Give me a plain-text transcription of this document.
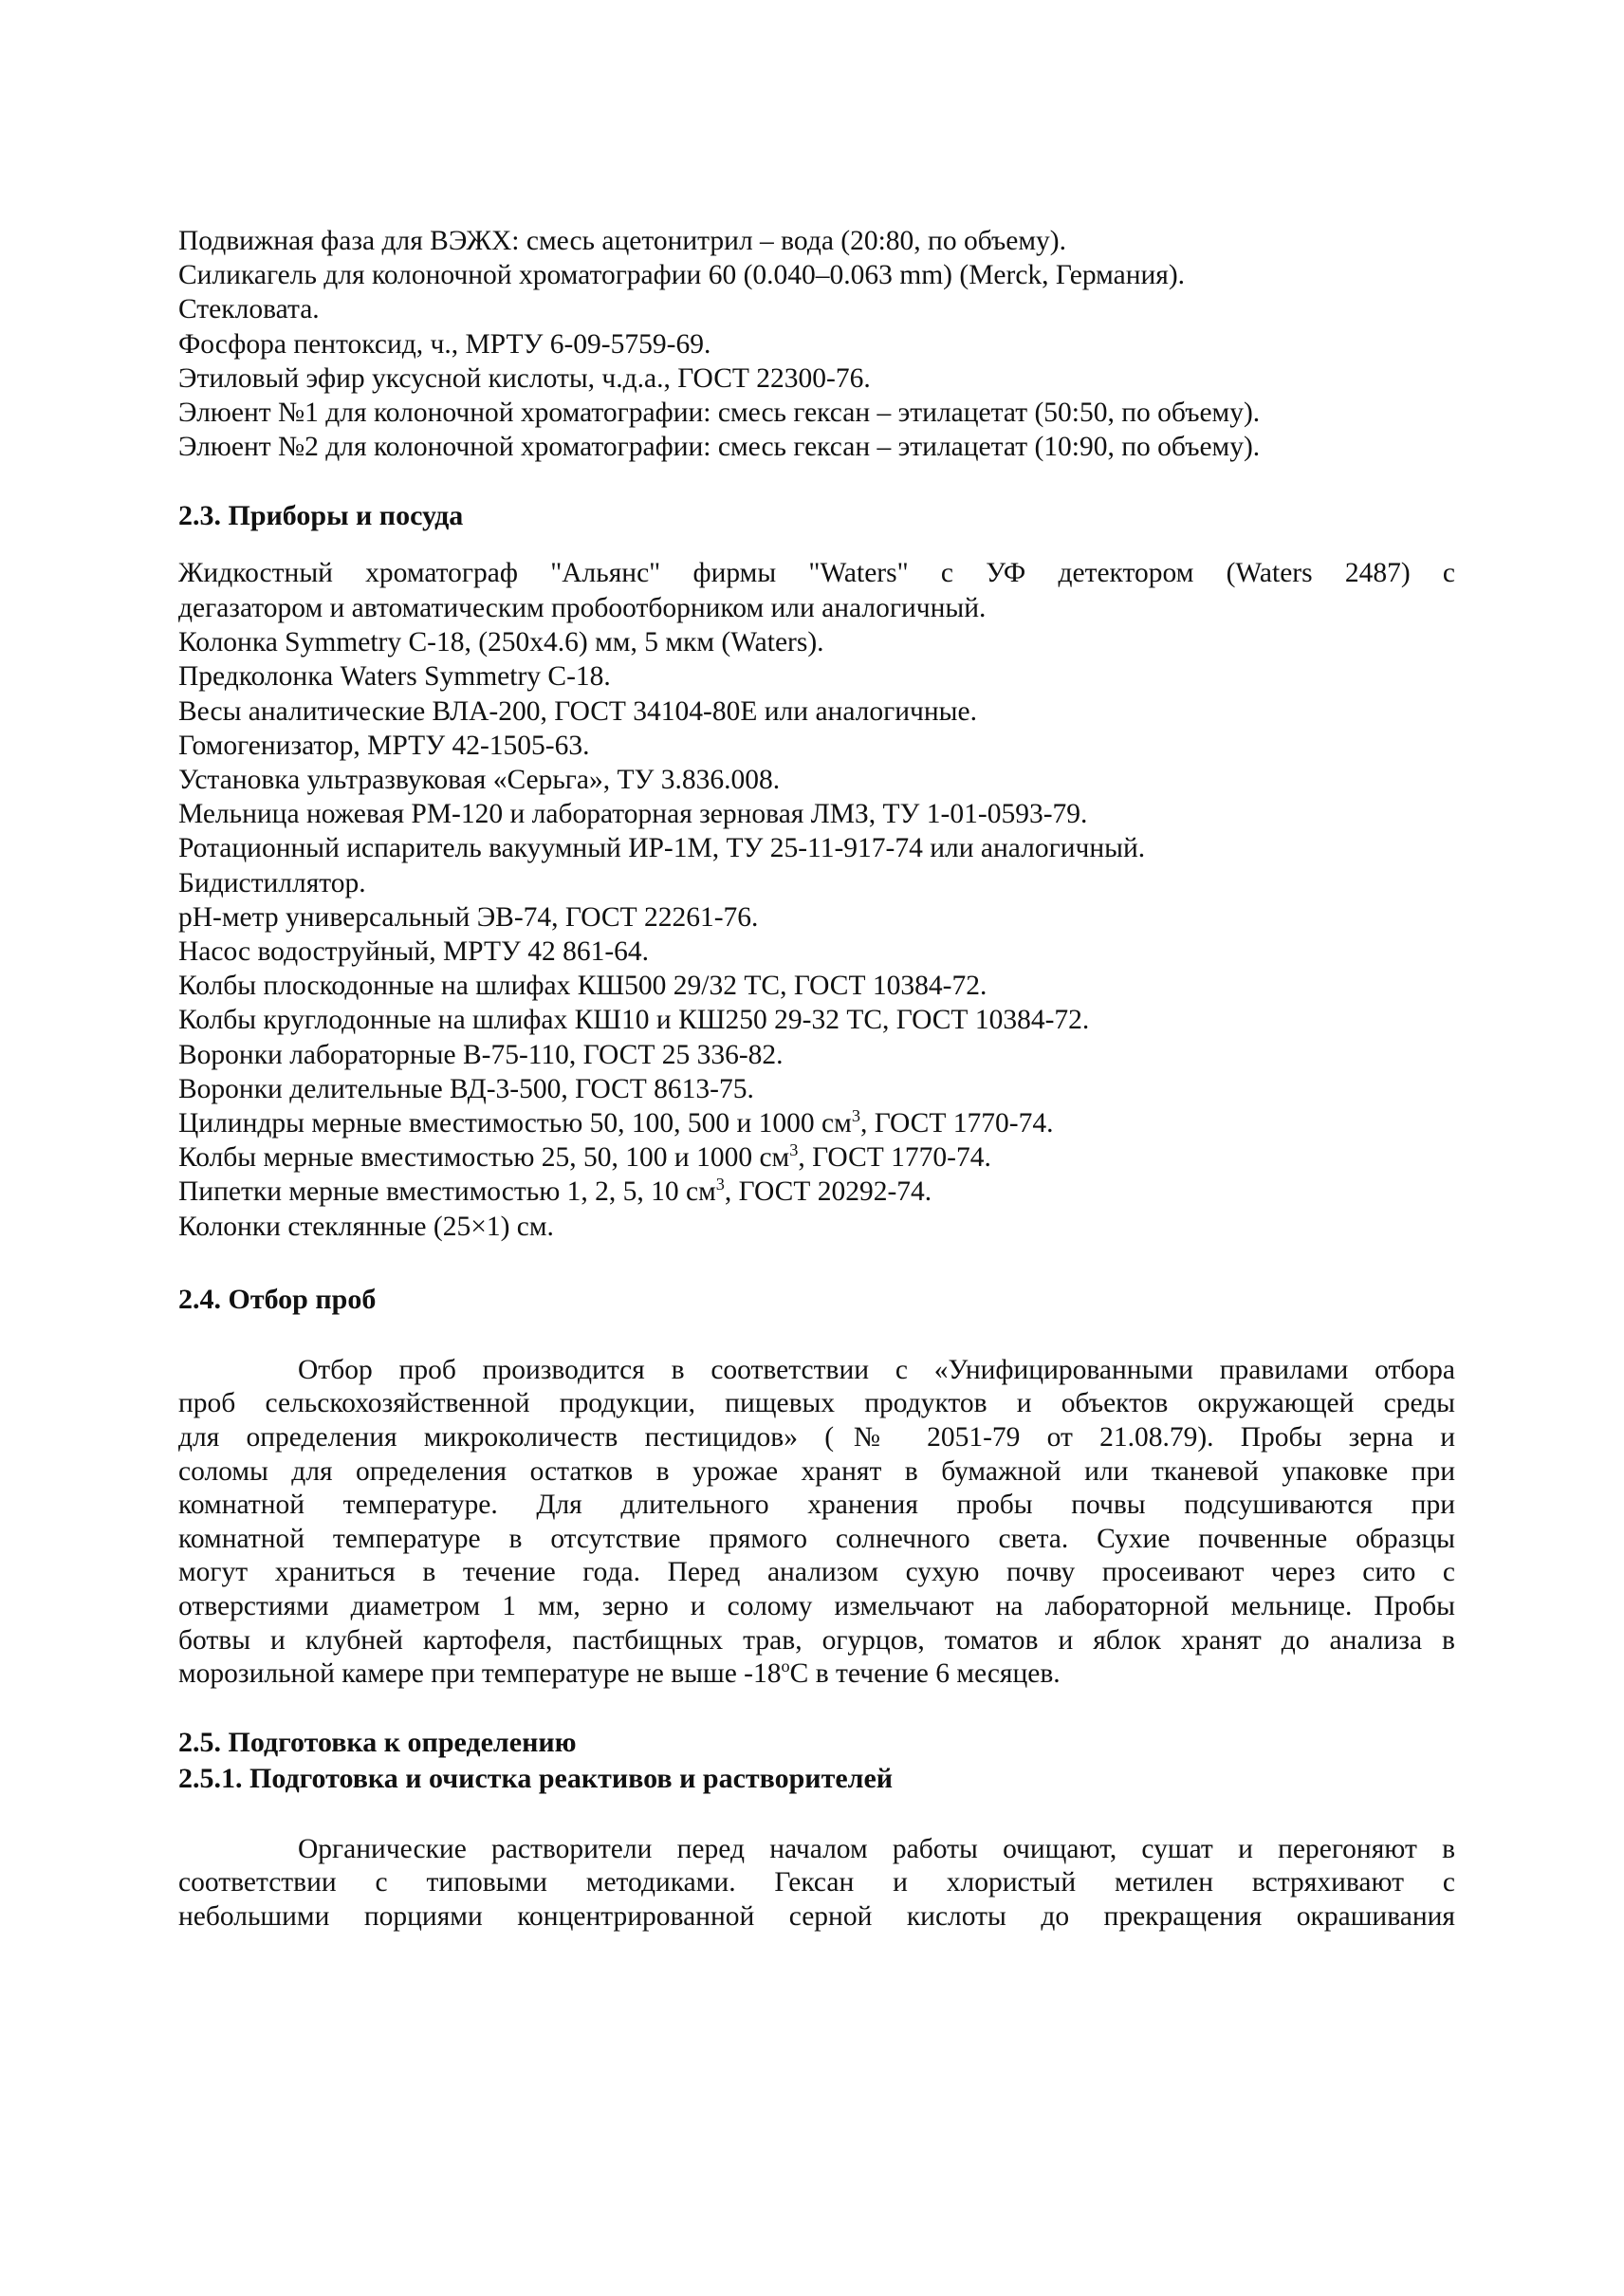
Подвижная фаза для ВЭЖХ: смесь ацетонитрил – вода (20:80, по объему).
Силикагель для колоночной хроматографии 60 (0.040–0.063 mm) (Merck, Германия).
Стекловата.
Фосфора пентоксид, ч., МРТУ 6-09-5759-69.
Этиловый эфир уксусной кислоты, ч.д.а., ГОСТ 22300-76.
Элюент №1 для колоночной хроматографии: смесь гексан – этилацетат (50:50, по объему).
Элюент №2 для колоночной хроматографии: смесь гексан – этилацетат (10:90, по объему).
2.3. Приборы и посуда
Жидкостный хроматограф "Альянс" фирмы "Waters" с УФ детектором (Waters 2487) с
дегазатором и автоматическим пробоотборником или аналогичный.
Колонка Symmetry C-18, (250х4.6) мм, 5 мкм (Waters).
Предколонка Waters Symmetry C-18.
Весы аналитические ВЛА-200, ГОСТ 34104-80Е или аналогичные.
Гомогенизатор, МРТУ 42-1505-63.
Установка ультразвуковая «Серьга», ТУ 3.836.008.
Мельница ножевая РМ-120 и лабораторная зерновая ЛМЗ, ТУ 1-01-0593-79.
Ротационный испаритель вакуумный ИР-1М, ТУ 25-11-917-74 или аналогичный.
Бидистиллятор.
pH-метр универсальный ЭВ-74, ГОСТ 22261-76.
Насос водоструйный, МРТУ 42 861-64.
Колбы плоскодонные на шлифах КШ500 29/32 ТС, ГОСТ 10384-72.
Колбы круглодонные на шлифах КШ10 и КШ250 29-32 ТС, ГОСТ 10384-72.
Воронки лабораторные В-75-110, ГОСТ 25 336-82.
Воронки делительные ВД-3-500, ГОСТ 8613-75.
Цилиндры мерные вместимостью 50, 100, 500 и 1000 $см^3$, ГОСТ 1770-74.
Колбы мерные вместимостью 25, 50, 100 и 1000 $см^3$, ГОСТ 1770-74.
Пипетки мерные вместимостью 1, 2, 5, 10 $см^3$, ГОСТ 20292-74.
Колонки стеклянные (25×1) см.
2.4. Отбор проб
Отбор проб производится в соответствии с «Унифицированными правилами отбора
проб сельскохозяйственной продукции, пищевых продуктов и объектов окружающей среды
для определения микроколичеств пестицидов» (№ 2051-79 от 21.08.79). Пробы зерна и
соломы для определения остатков в урожае хранят в бумажной или тканевой упаковке при
комнатной температуре. Для длительного хранения пробы почвы подсушиваются при
комнатной температуре в отсутствие прямого солнечного света. Сухие почвенные образцы
могут храниться в течение года. Перед анализом сухую почву просеивают через сито с
отверстиями диаметром 1 мм, зерно и солому измельчают на лабораторной мельнице. Пробы
ботвы и клубней картофеля, пастбищных трав, огурцов, томатов и яблок хранят до анализа в
морозильной камере при температуре не выше $-18^оС$ в течение 6 месяцев.
2.5. Подготовка к определению
2.5.1. Подготовка и очистка реактивов и растворителей
Органические растворители перед началом работы очищают, сушат и перегоняют в
соответствии с типовыми методиками. Гексан и хлористый метилен встряхивают с
небольшими порциями концентрированной серной кислоты до прекращения окрашивания
